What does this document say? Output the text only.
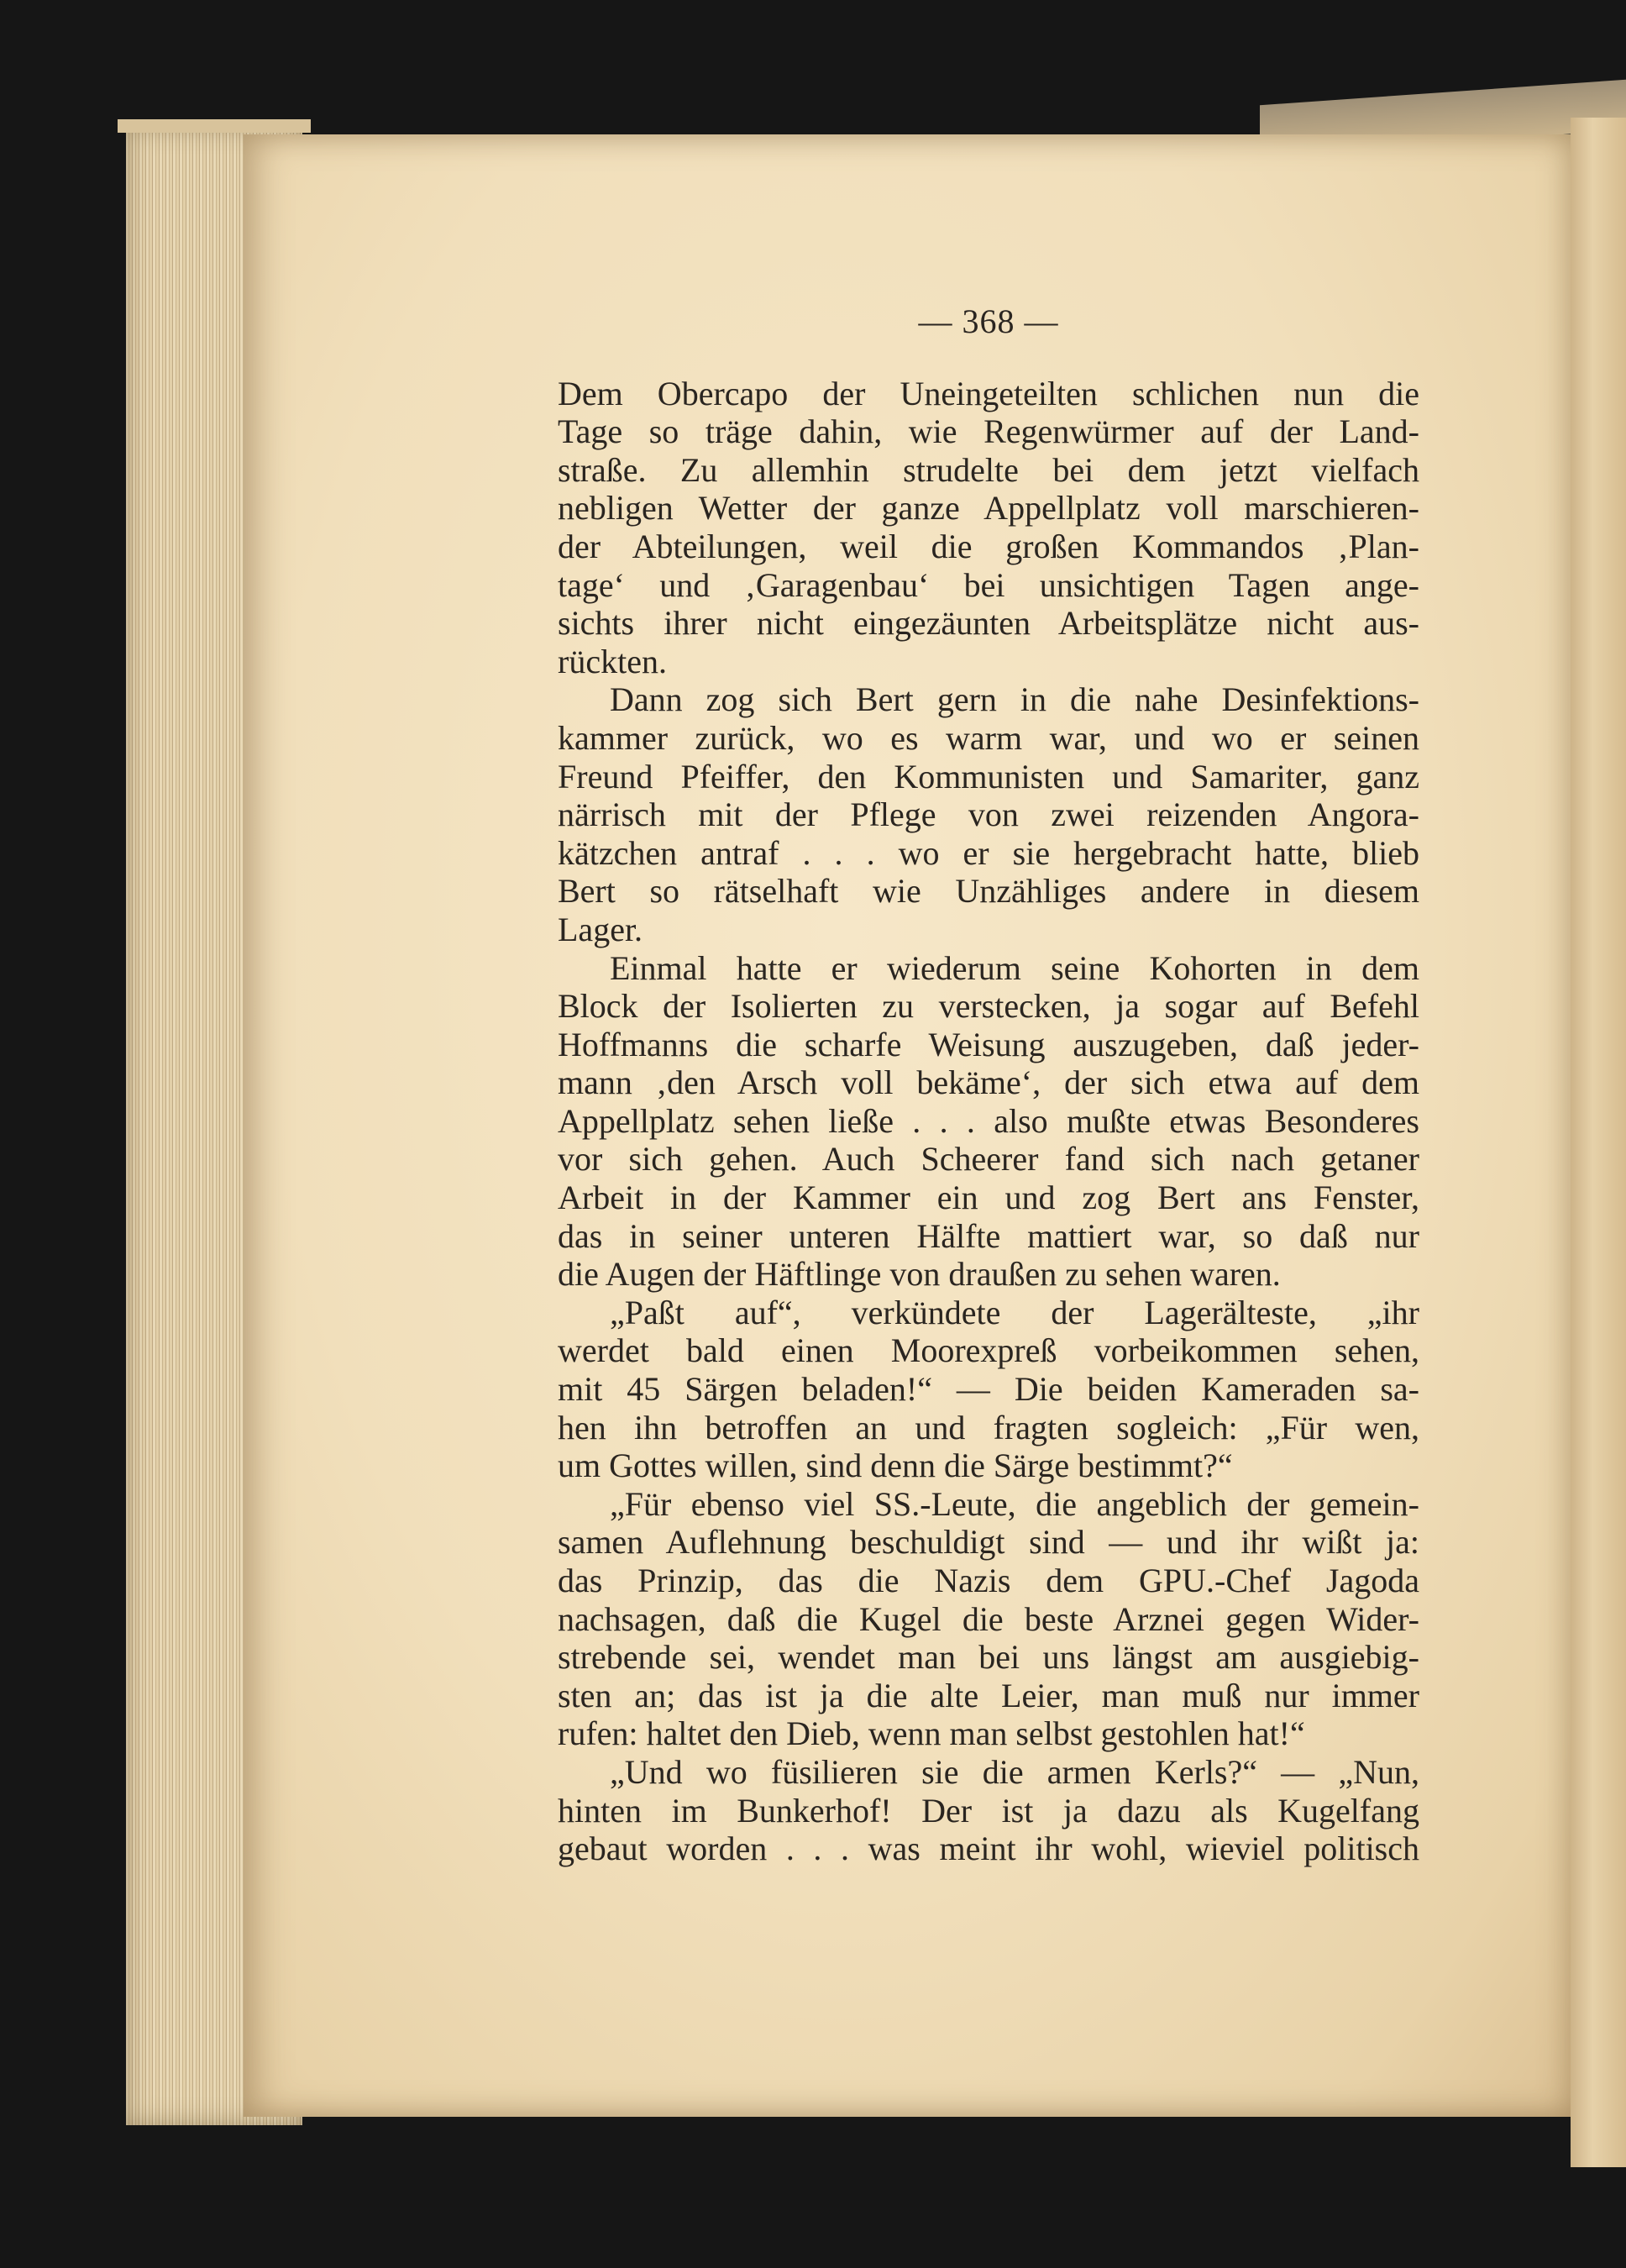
— 368 —
Dem Obercapo der Uneingeteilten schlichen nun die
Tage so träge dahin, wie Regenwürmer auf der Land-
straße. Zu allemhin strudelte bei dem jetzt vielfach
nebligen Wetter der ganze Appellplatz voll marschieren-
der Abteilungen, weil die großen Kommandos ‚Plan-
tage‘ und ‚Garagenbau‘ bei unsichtigen Tagen ange-
sichts ihrer nicht eingezäunten Arbeitsplätze nicht aus-
rückten.
Dann zog sich Bert gern in die nahe Desinfektions-
kammer zurück, wo es warm war, und wo er seinen
Freund Pfeiffer, den Kommunisten und Samariter, ganz
närrisch mit der Pflege von zwei reizenden Angora-
kätzchen antraf . . . wo er sie hergebracht hatte, blieb
Bert so rätselhaft wie Unzähliges andere in diesem
Lager.
Einmal hatte er wiederum seine Kohorten in dem
Block der Isolierten zu verstecken, ja sogar auf Befehl
Hoffmanns die scharfe Weisung auszugeben, daß jeder-
mann ‚den Arsch voll bekäme‘, der sich etwa auf dem
Appellplatz sehen ließe . . . also mußte etwas Besonderes
vor sich gehen. Auch Scheerer fand sich nach getaner
Arbeit in der Kammer ein und zog Bert ans Fenster,
das in seiner unteren Hälfte mattiert war, so daß nur
die Augen der Häftlinge von draußen zu sehen waren.
„Paßt auf“, verkündete der Lagerälteste, „ihr
werdet bald einen Moorexpreß vorbeikommen sehen,
mit 45 Särgen beladen!“ — Die beiden Kameraden sa-
hen ihn betroffen an und fragten sogleich: „Für wen,
um Gottes willen, sind denn die Särge bestimmt?“
„Für ebenso viel SS.-Leute, die angeblich der gemein-
samen Auflehnung beschuldigt sind — und ihr wißt ja:
das Prinzip, das die Nazis dem GPU.-Chef Jagoda
nachsagen, daß die Kugel die beste Arznei gegen Wider-
strebende sei, wendet man bei uns längst am ausgiebig-
sten an; das ist ja die alte Leier, man muß nur immer
rufen: haltet den Dieb, wenn man selbst gestohlen hat!“
„Und wo füsilieren sie die armen Kerls?“ — „Nun,
hinten im Bunkerhof! Der ist ja dazu als Kugelfang
gebaut worden . . . was meint ihr wohl, wieviel politisch
